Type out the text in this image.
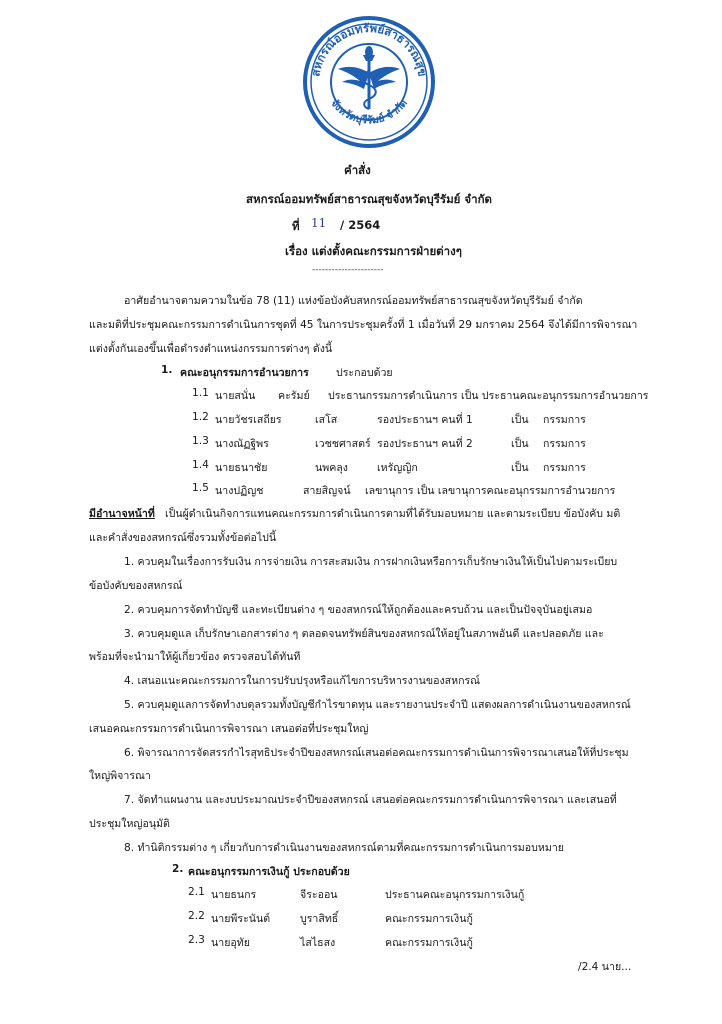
สหกรณ์ออมทรัพย์สาธารณสุข
จังหวัดบุรีรัมย์ จำกัด
คำสั่ง
สหกรณ์ออมทรัพย์สาธารณสุขจังหวัดบุรีรัมย์ จำกัด
ที่ 11 / 2564
เรื่อง แต่งตั้งคณะกรรมการฝ่ายต่างๆ
----------------------
อาศัยอำนาจตามความในข้อ 78 (11) แห่งข้อบังคับสหกรณ์ออมทรัพย์สาธารณสุขจังหวัดบุรีรัมย์ จำกัด
และมติที่ประชุมคณะกรรมการดำเนินการชุดที่ 45 ในการประชุมครั้งที่ 1 เมื่อวันที่ 29 มกราคม 2564 จึงได้มีการพิจารณา
แต่งตั้งกันเองขึ้นเพื่อดำรงตำแหน่งกรรมการต่างๆ ดังนี้
1. คณะอนุกรรมการอำนวยการ	ประกอบด้วย
1.1 นายสนั่น คะรัมย์ ประธานกรรมการดำเนินการ เป็น ประธานคณะอนุกรรมการอำนวยการ
1.2 นายวัชรเสถียร	เสโส	รองประธานฯ คนที่ 1	เป็น กรรมการ
1.3 นางณัฏฐิพร	เวชชศาสตร์ รองประธานฯ คนที่ 2	เป็น กรรมการ
1.4 นายธนาชัย	นพคลุง	เหรัญญิก	เป็น กรรมการ
1.5 นางปฏิญช	สายสิญจน์ เลขานุการ เป็น เลขานุการคณะอนุกรรมการอำนวยการ
มีอำนาจหน้าที่ เป็นผู้ดำเนินกิจการแทนคณะกรรมการดำเนินการตามที่ได้รับมอบหมาย และตามระเบียบ ข้อบังคับ มติ
และคำสั่งของสหกรณ์ซึ่งรวมทั้งข้อต่อไปนี้
1. ควบคุมในเรื่องการรับเงิน การจ่ายเงิน การสะสมเงิน การฝากเงินหรือการเก็บรักษาเงินให้เป็นไปตามระเบียบ
ข้อบังคับของสหกรณ์
2. ควบคุมการจัดทำบัญชี และทะเบียนต่าง ๆ ของสหกรณ์ให้ถูกต้องและครบถ้วน และเป็นปัจจุบันอยู่เสมอ
3. ควบคุมดูแล เก็บรักษาเอกสารต่าง ๆ ตลอดจนทรัพย์สินของสหกรณ์ให้อยู่ในสภาพอันดี และปลอดภัย และ
พร้อมที่จะนำมาให้ผู้เกี่ยวข้อง ตรวจสอบได้ทันที
4. เสนอแนะคณะกรรมการในการปรับปรุงหรือแก้ไขการบริหารงานของสหกรณ์
5. ควบคุมดูแลการจัดทำงบดุลรวมทั้งบัญชีกำไรขาดทุน และรายงานประจำปี แสดงผลการดำเนินงานของสหกรณ์
เสนอคณะกรรมการดำเนินการพิจารณา เสนอต่อที่ประชุมใหญ่
6. พิจารณาการจัดสรรกำไรสุทธิประจำปีของสหกรณ์เสนอต่อคณะกรรมการดำเนินการพิจารณาเสนอให้ที่ประชุม
ใหญ่พิจารณา
7. จัดทำแผนงาน และงบประมาณประจำปีของสหกรณ์ เสนอต่อคณะกรรมการดำเนินการพิจารณา และเสนอที่
ประชุมใหญ่อนุมัติ
8. ทำนิติกรรมต่าง ๆ เกี่ยวกับการดำเนินงานของสหกรณ์ตามที่คณะกรรมการดำเนินการมอบหมาย
2. คณะอนุกรรมการเงินกู้ ประกอบด้วย
2.1 นายธนกร	จีระออน	ประธานคณะอนุกรรมการเงินกู้
2.2 นายพีระนันต์	บูราสิทธิ์	คณะกรรมการเงินกู้
2.3 นายอุทัย	ไสไธสง	คณะกรรมการเงินกู้
/2.4 นาย...
